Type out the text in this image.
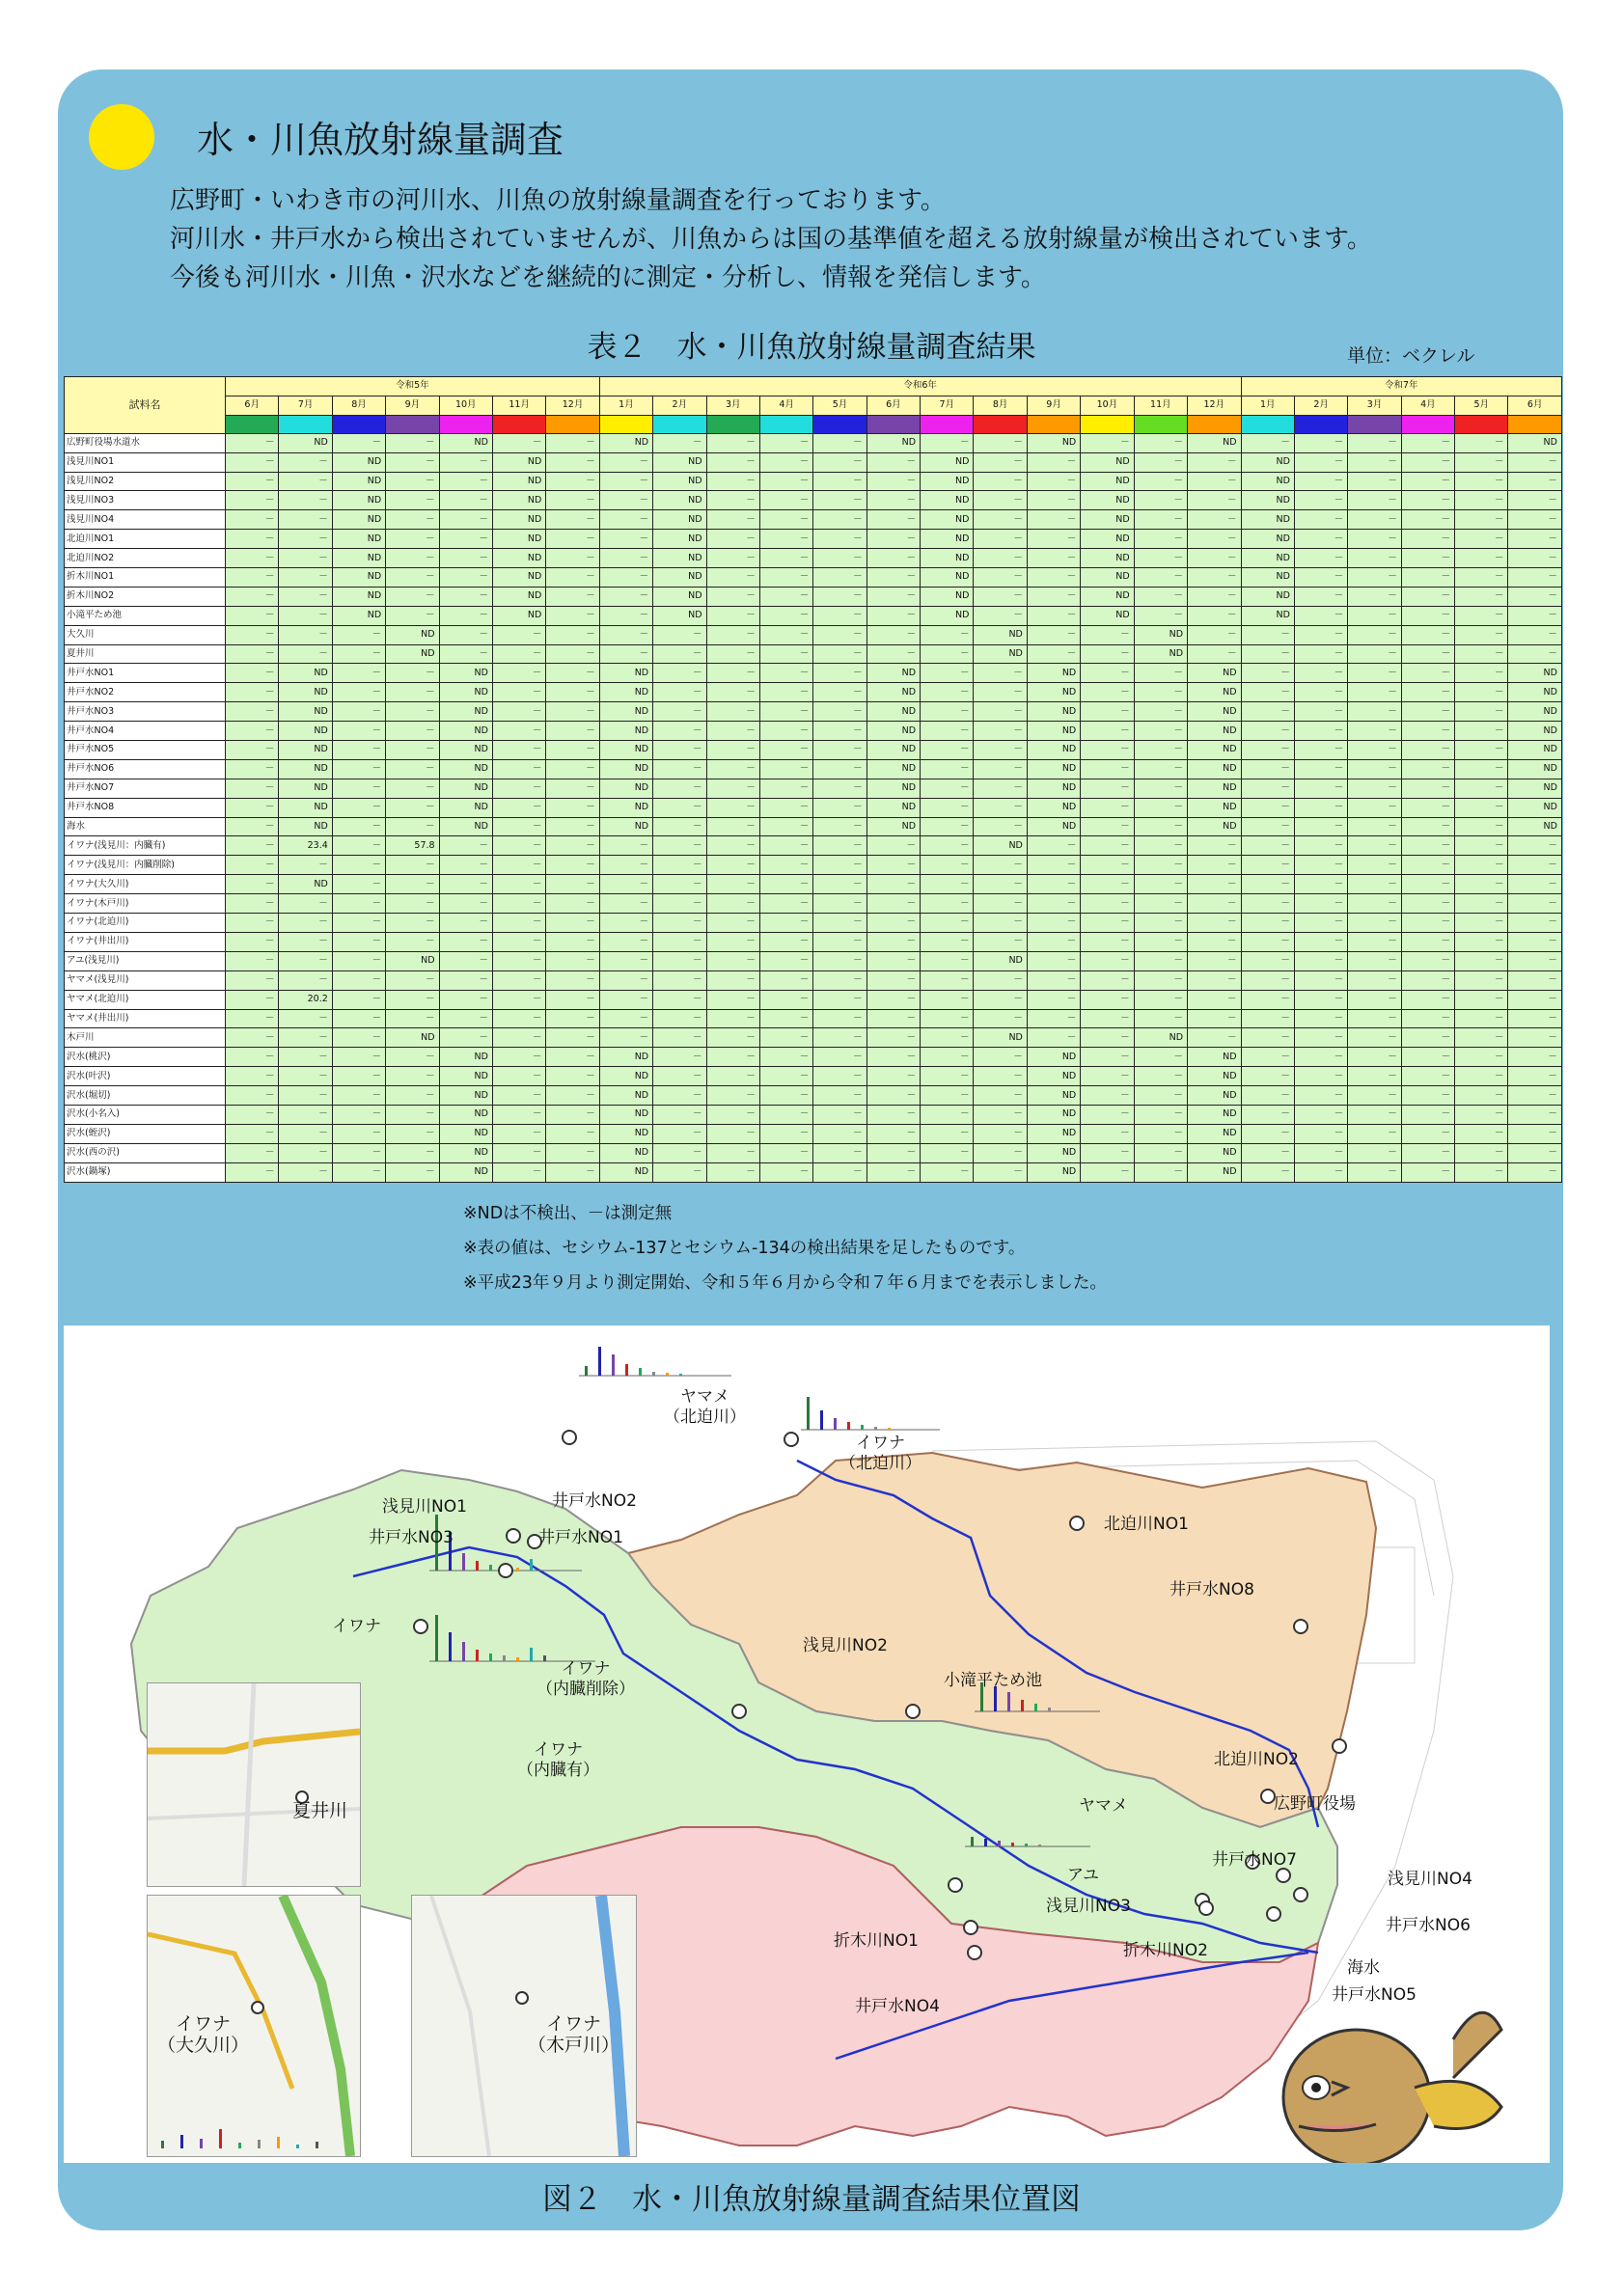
水・川魚放射線量調査
広野町・いわき市の河川水、川魚の放射線量調査を行っております。
河川水・井戸水から検出されていませんが、川魚からは国の基準値を超える放射線量が検出されています。
今後も河川水・川魚・沢水などを継続的に測定・分析し、情報を発信します。
表２　水・川魚放射線量調査結果	単位：ベクレル
試料名	令和5年							令和6年												令和7年					
	6月	7月	8月	9月	10月	11月	12月	1月	2月	3月	4月	5月	6月	7月	8月	9月	10月	11月	12月	1月	2月	3月	4月	5月	6月

広野町役場水道水	－	ND	－	－	ND	－	－	ND	－	－	－	－	ND	－	－	ND	－	－	ND	－	－	－	－	－	ND
浅見川NO1	－	－	ND	－	－	ND	－	－	ND	－	－	－	－	ND	－	－	ND	－	－	ND	－	－	－	－	－
浅見川NO2	－	－	ND	－	－	ND	－	－	ND	－	－	－	－	ND	－	－	ND	－	－	ND	－	－	－	－	－
浅見川NO3	－	－	ND	－	－	ND	－	－	ND	－	－	－	－	ND	－	－	ND	－	－	ND	－	－	－	－	－
浅見川NO4	－	－	ND	－	－	ND	－	－	ND	－	－	－	－	ND	－	－	ND	－	－	ND	－	－	－	－	－
北迫川NO1	－	－	ND	－	－	ND	－	－	ND	－	－	－	－	ND	－	－	ND	－	－	ND	－	－	－	－	－
北迫川NO2	－	－	ND	－	－	ND	－	－	ND	－	－	－	－	ND	－	－	ND	－	－	ND	－	－	－	－	－
折木川NO1	－	－	ND	－	－	ND	－	－	ND	－	－	－	－	ND	－	－	ND	－	－	ND	－	－	－	－	－
折木川NO2	－	－	ND	－	－	ND	－	－	ND	－	－	－	－	ND	－	－	ND	－	－	ND	－	－	－	－	－
小滝平ため池	－	－	ND	－	－	ND	－	－	ND	－	－	－	－	ND	－	－	ND	－	－	ND	－	－	－	－	－
大久川	－	－	－	ND	－	－	－	－	－	－	－	－	－	－	ND	－	－	ND	－	－	－	－	－	－	－
夏井川	－	－	－	ND	－	－	－	－	－	－	－	－	－	－	ND	－	－	ND	－	－	－	－	－	－	－
井戸水NO1	－	ND	－	－	ND	－	－	ND	－	－	－	－	ND	－	－	ND	－	－	ND	－	－	－	－	－	ND
井戸水NO2	－	ND	－	－	ND	－	－	ND	－	－	－	－	ND	－	－	ND	－	－	ND	－	－	－	－	－	ND
井戸水NO3	－	ND	－	－	ND	－	－	ND	－	－	－	－	ND	－	－	ND	－	－	ND	－	－	－	－	－	ND
井戸水NO4	－	ND	－	－	ND	－	－	ND	－	－	－	－	ND	－	－	ND	－	－	ND	－	－	－	－	－	ND
井戸水NO5	－	ND	－	－	ND	－	－	ND	－	－	－	－	ND	－	－	ND	－	－	ND	－	－	－	－	－	ND
井戸水NO6	－	ND	－	－	ND	－	－	ND	－	－	－	－	ND	－	－	ND	－	－	ND	－	－	－	－	－	ND
井戸水NO7	－	ND	－	－	ND	－	－	ND	－	－	－	－	ND	－	－	ND	－	－	ND	－	－	－	－	－	ND
井戸水NO8	－	ND	－	－	ND	－	－	ND	－	－	－	－	ND	－	－	ND	－	－	ND	－	－	－	－	－	ND
海水	－	ND	－	－	ND	－	－	ND	－	－	－	－	ND	－	－	ND	－	－	ND	－	－	－	－	－	ND
イワナ(浅見川：内臓有)	－	23.4	－	57.8	－	－	－	－	－	－	－	－	－	－	ND	－	－	－	－	－	－	－	－	－	－
イワナ(浅見川：内臓削除)	－	－	－	－	－	－	－	－	－	－	－	－	－	－	－	－	－	－	－	－	－	－	－	－	－
イワナ(大久川)	－	ND	－	－	－	－	－	－	－	－	－	－	－	－	－	－	－	－	－	－	－	－	－	－	－
イワナ(木戸川)	－	－	－	－	－	－	－	－	－	－	－	－	－	－	－	－	－	－	－	－	－	－	－	－	－
イワナ(北迫川)	－	－	－	－	－	－	－	－	－	－	－	－	－	－	－	－	－	－	－	－	－	－	－	－	－
イワナ(井出川)	－	－	－	－	－	－	－	－	－	－	－	－	－	－	－	－	－	－	－	－	－	－	－	－	－
アユ(浅見川)	－	－	－	ND	－	－	－	－	－	－	－	－	－	－	ND	－	－	－	－	－	－	－	－	－	－
ヤマメ(浅見川)	－	－	－	－	－	－	－	－	－	－	－	－	－	－	－	－	－	－	－	－	－	－	－	－	－
ヤマメ(北迫川)	－	20.2	－	－	－	－	－	－	－	－	－	－	－	－	－	－	－	－	－	－	－	－	－	－	－
ヤマメ(井出川)	－	－	－	－	－	－	－	－	－	－	－	－	－	－	－	－	－	－	－	－	－	－	－	－	－
木戸川	－	－	－	ND	－	－	－	－	－	－	－	－	－	－	ND	－	－	ND	－	－	－	－	－	－	－
沢水(桃沢)	－	－	－	－	ND	－	－	ND	－	－	－	－	－	－	－	ND	－	－	ND	－	－	－	－	－	－
沢水(叶沢)	－	－	－	－	ND	－	－	ND	－	－	－	－	－	－	－	ND	－	－	ND	－	－	－	－	－	－
沢水(堀切)	－	－	－	－	ND	－	－	ND	－	－	－	－	－	－	－	ND	－	－	ND	－	－	－	－	－	－
沢水(小名入)	－	－	－	－	ND	－	－	ND	－	－	－	－	－	－	－	ND	－	－	ND	－	－	－	－	－	－
沢水(蛭沢)	－	－	－	－	ND	－	－	ND	－	－	－	－	－	－	－	ND	－	－	ND	－	－	－	－	－	－
沢水(西の沢)	－	－	－	－	ND	－	－	ND	－	－	－	－	－	－	－	ND	－	－	ND	－	－	－	－	－	－
沢水(鍋塚)	－	－	－	－	ND	－	－	ND	－	－	－	－	－	－	－	ND	－	－	ND	－	－	－	－	－	－
※NDは不検出、－は測定無
※表の値は、セシウム-137とセシウム-134の検出結果を足したものです。
※平成23年９月より測定開始、令和５年６月から令和７年６月までを表示しました。
夏井川
イワナ
（大久川）
イワナ
（木戸川）
ヤマメ
（北迫川）
イワナ
（北迫川）
浅見川NO1	井戸水NO2
井戸水NO3	井戸水NO1
北迫川NO1
井戸水NO8
イワナ
イワナ
（内臓削除）
イワナ
（内臓有）
浅見川NO2
小滝平ため池
北迫川NO2
ヤマメ	広野町役場
井戸水NO7
アユ	浅見川NO4
浅見川NO3
井戸水NO6
折木川NO1	折木川NO2
海水
井戸水NO5
井戸水NO4
図２　水・川魚放射線量調査結果位置図
